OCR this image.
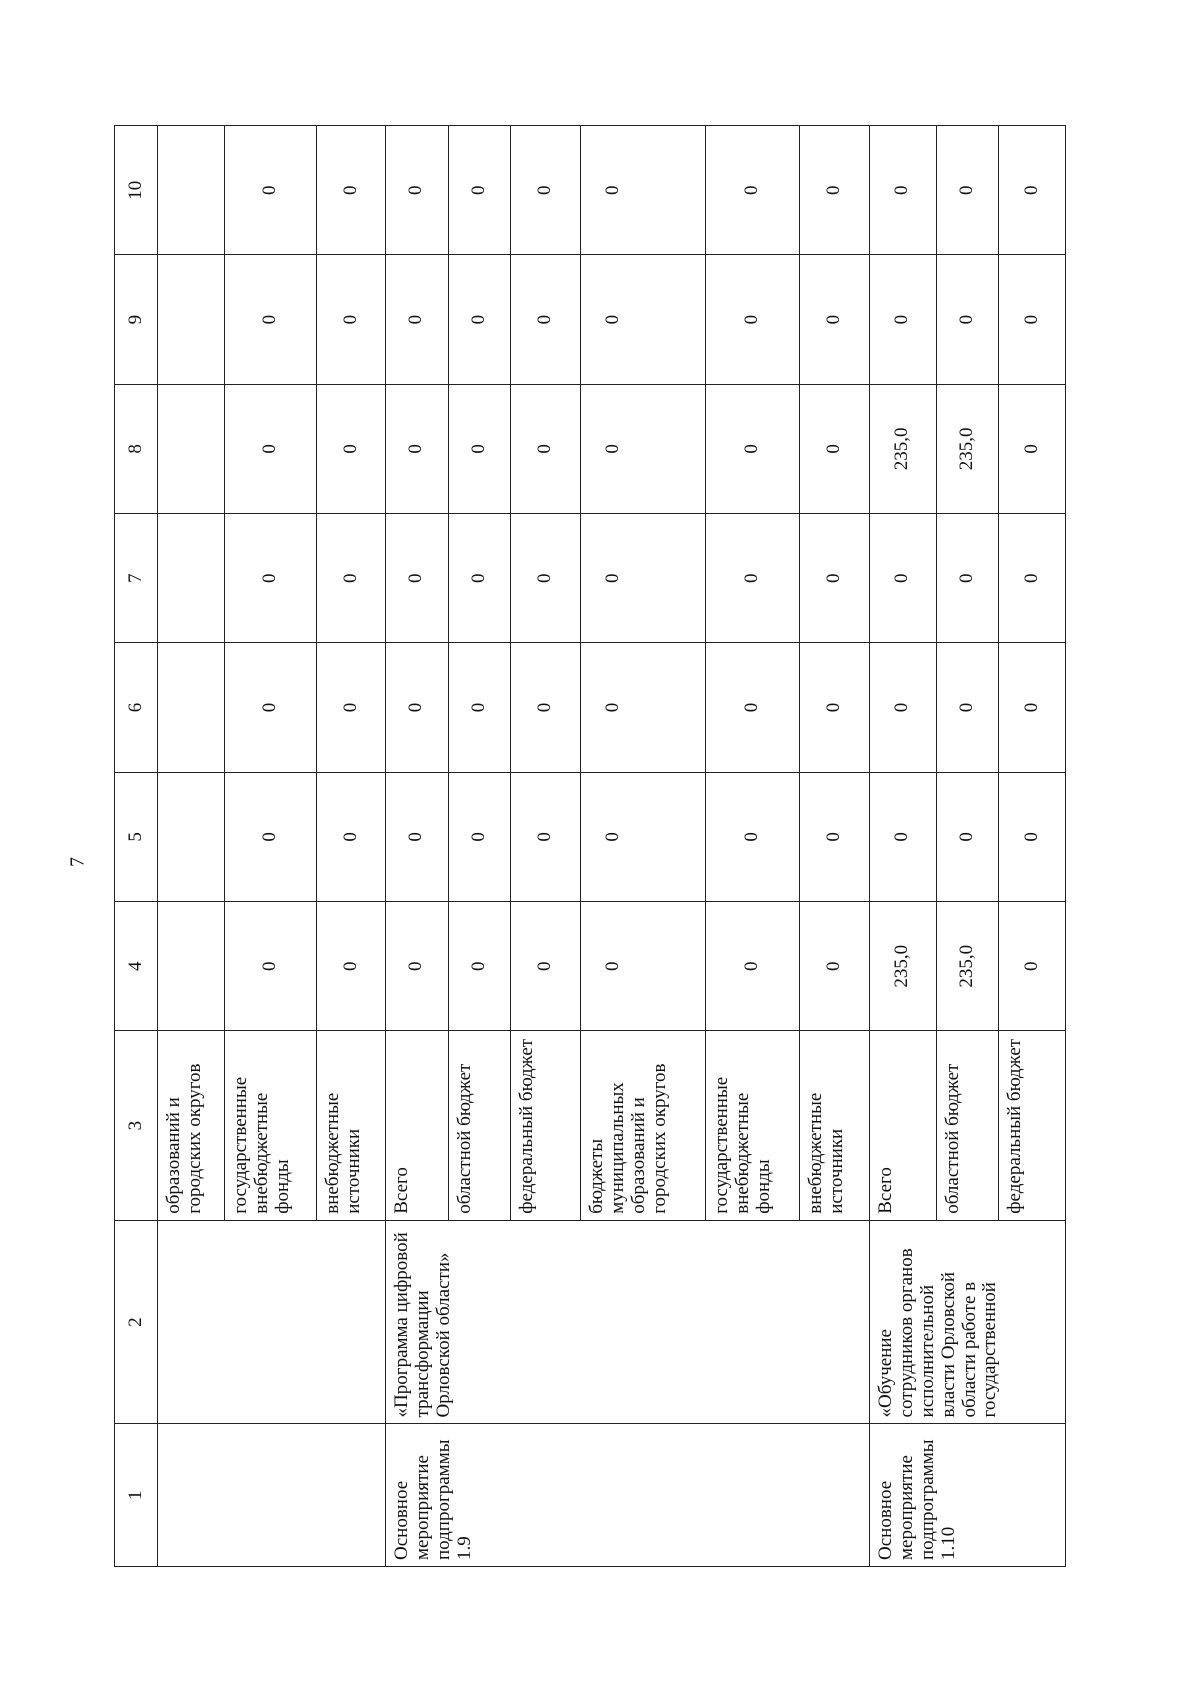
7
1	2	3	4	5	6	7	8	9	10
		образований и городских округов							
		государственные внебюджетные фонды	0	0	0	0	0	0	0
		внебюджетные источники	0	0	0	0	0	0	0
Основное мероприятие подпрограммы 1.9	«Программа цифровой трансформации Орловской области»	Всего	0	0	0	0	0	0	0
		областной бюджет	0	0	0	0	0	0	0
		федеральный бюджет	0	0	0	0	0	0	0
		бюджеты муниципальных образований и городских округов	0	0	0	0	0	0	0
		государственные внебюджетные фонды	0	0	0	0	0	0	0
		внебюджетные источники	0	0	0	0	0	0	0
Основное мероприятие подпрограммы 1.10	«Обучение сотрудников органов исполнительной власти Орловской области работе в государственной	Всего	235,0	0	0	0	235,0	0	0
		областной бюджет	235,0	0	0	0	235,0	0	0
		федеральный бюджет	0	0	0	0	0	0	0
